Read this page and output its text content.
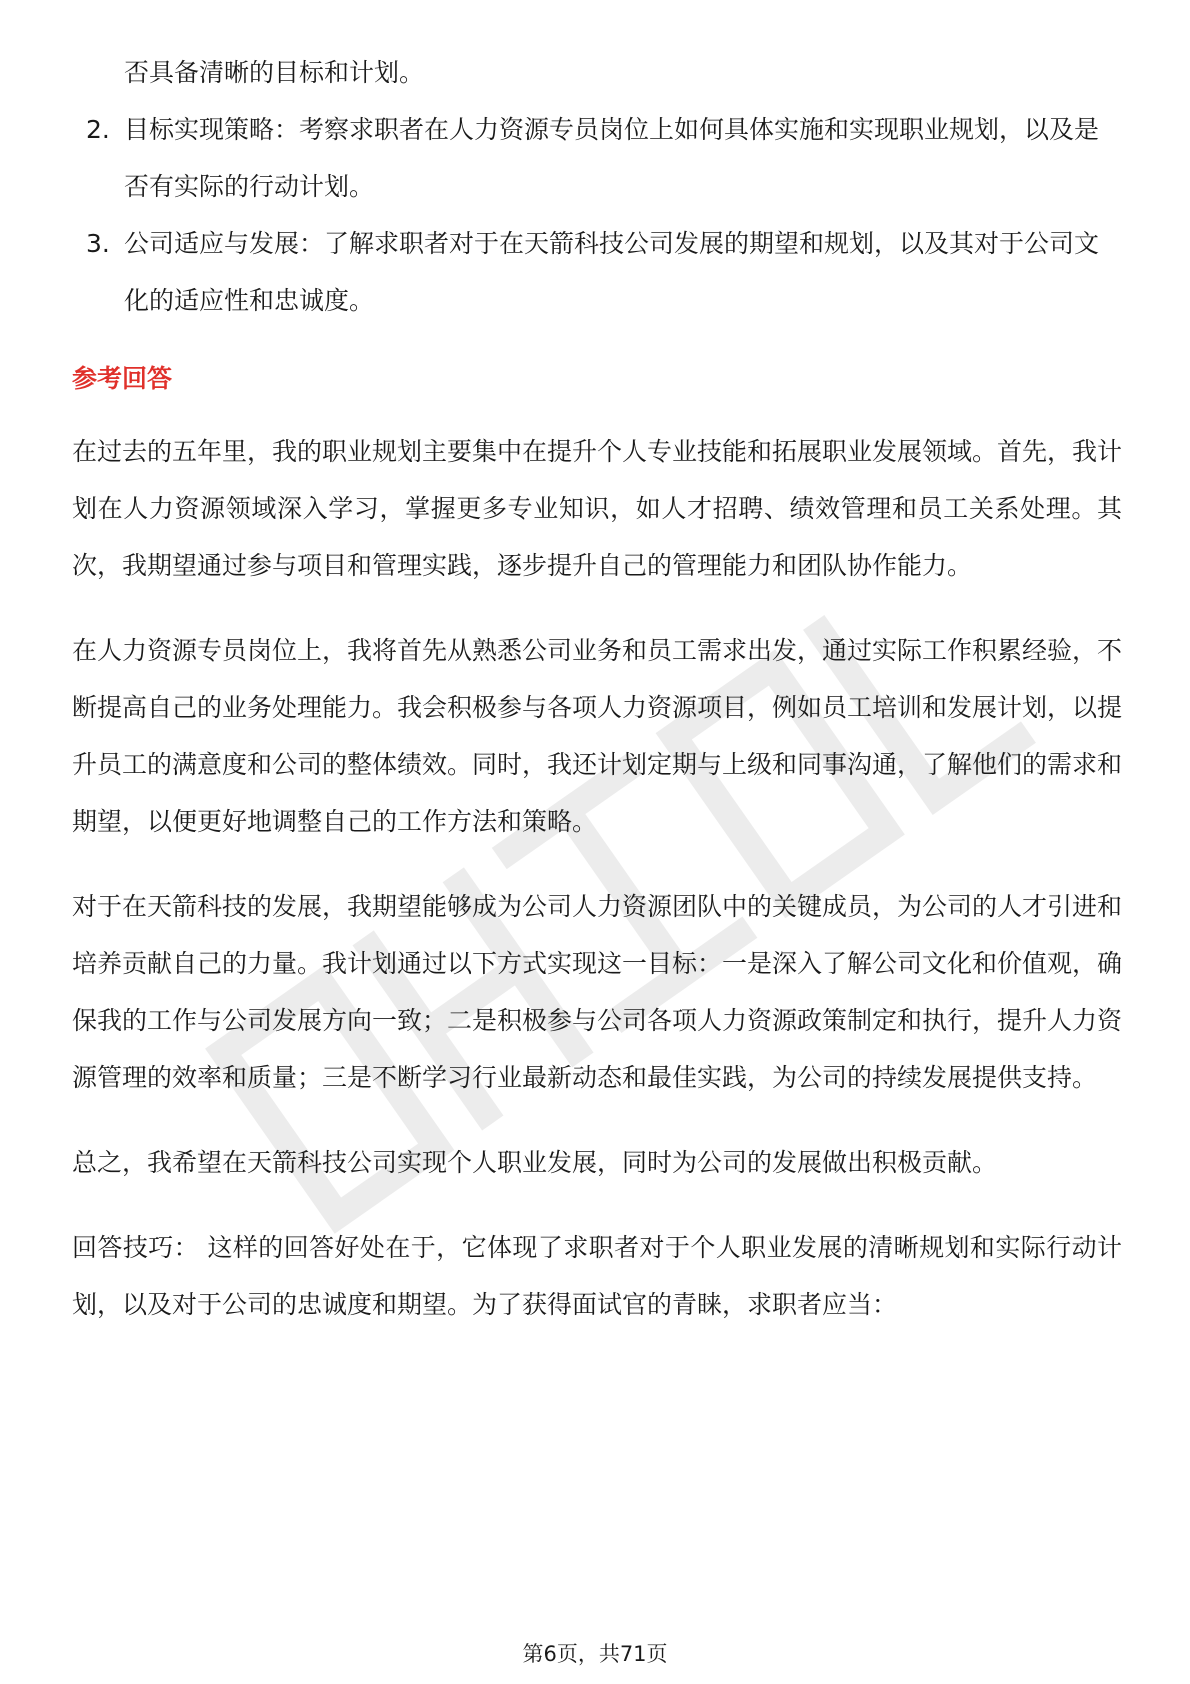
否具备清晰的目标和计划。

2. 目标实现策略：考察求职者在人力资源专员岗位上如何具体实施和实现职业规划，以及是否有实际的行动计划。
3. 公司适应与发展：了解求职者对于在天箭科技公司发展的期望和规划，以及其对于公司文化的适应性和忠诚度。
参考回答

在过去的五年里，我的职业规划主要集中在提升个人专业技能和拓展职业发展领域。首先，我计划在人力资源领域深入学习，掌握更多专业知识，如人才招聘、绩效管理和员工关系处理。其次，我期望通过参与项目和管理实践，逐步提升自己的管理能力和团队协作能力。

在人力资源专员岗位上，我将首先从熟悉公司业务和员工需求出发，通过实际工作积累经验，不断提高自己的业务处理能力。我会积极参与各项人力资源项目，例如员工培训和发展计划，以提升员工的满意度和公司的整体绩效。同时，我还计划定期与上级和同事沟通，了解他们的需求和期望，以便更好地调整自己的工作方法和策略。

对于在天箭科技的发展，我期望能够成为公司人力资源团队中的关键成员，为公司的人才引进和培养贡献自己的力量。我计划通过以下方式实现这一目标：一是深入了解公司文化和价值观，确保我的工作与公司发展方向一致；二是积极参与公司各项人力资源政策制定和执行，提升人力资源管理的效率和质量；三是不断学习行业最新动态和最佳实践，为公司的持续发展提供支持。

总之，我希望在天箭科技公司实现个人职业发展，同时为公司的发展做出积极贡献。

回答技巧： 这样的回答好处在于，它体现了求职者对于个人职业发展的清晰规划和实际行动计划，以及对于公司的忠诚度和期望。为了获得面试官的青睐，求职者应当：

第6页，共71页
